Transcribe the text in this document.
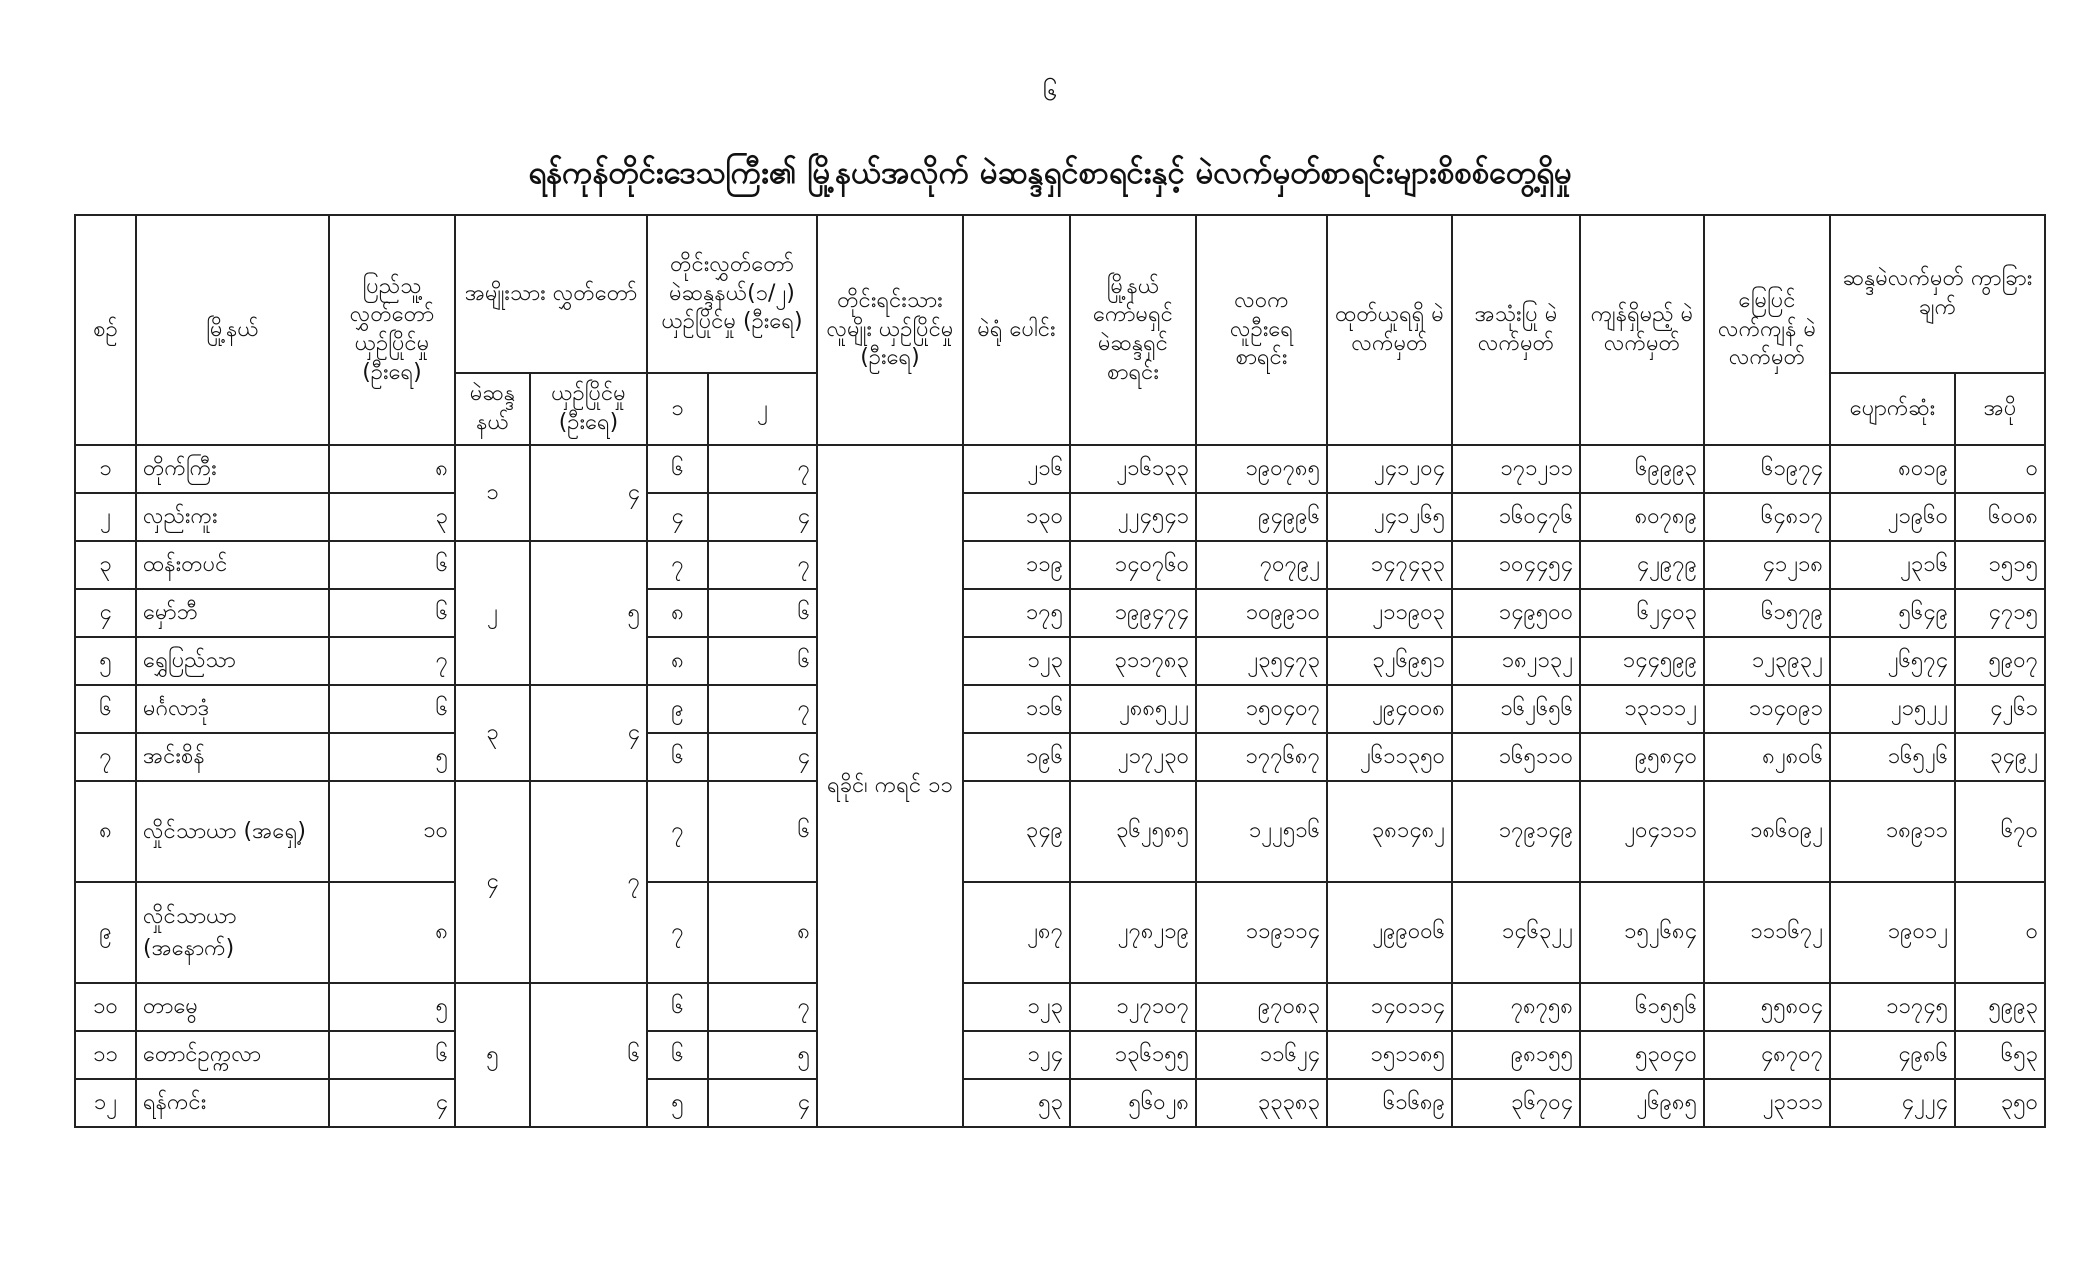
၆
ရန်ကုန်တိုင်းဒေသကြီး၏ မြို့နယ်အလိုက် မဲဆန္ဒရှင်စာရင်းနှင့် မဲလက်မှတ်စာရင်းများစိစစ်တွေ့ရှိမှု
စဉ်	မြို့နယ်	ပြည်သူ့ လွှတ်တော် ယှဉ်ပြိုင်မှု (ဦးရေ)	အမျိုးသား လွှတ်တော်		တိုင်းလွှတ်တော် မဲဆန္ဒနယ်(၁/၂) ယှဉ်ပြိုင်မှု (ဦးရေ)		တိုင်းရင်းသား လူမျိုး ယှဉ်ပြိုင်မှု (ဦးရေ)	မဲရုံ ပေါင်း	မြို့နယ် ကော်မရှင် မဲဆန္ဒရှင် စာရင်း	လဝက လူဦးရေ စာရင်း	ထုတ်ယူရရှိ မဲလက်မှတ်	အသုံးပြု မဲလက်မှတ်	ကျန်ရှိမည့် မဲလက်မှတ်	မြေပြင် လက်ကျန် မဲလက်မှတ်	ဆန္ဒမဲလက်မှတ် ကွာခြားချက်	
			မဲဆန္ဒ နယ်	ယှဉ်ပြိုင်မှု (ဦးရေ)	၁	၂									ပျောက်ဆုံး	အပို
၁	တိုက်ကြီး	၈	၁	၄	၆	၇	ရခိုင်၊ ကရင် ၁၁	၂၁၆	၂၁၆၁၃၃	၁၉၀၇၈၅	၂၄၁၂၀၄	၁၇၁၂၁၁	၆၉၉၉၃	၆၁၉၇၄	၈၀၁၉	၀
၂	လှည်းကူး	၃			၄	၄		၁၃၀	၂၂၄၅၄၁	၉၄၉၉၆	၂၄၁၂၆၅	၁၆၀၄၇၆	၈၀၇၈၉	၆၄၈၁၇	၂၁၉၆၀	၆၀၀၈
၃	ထန်းတပင်	၆	၂	၅	၇	၇		၁၁၉	၁၄၀၇၆၀	၇၀၇၉၂	၁၄၇၄၃၃	၁၀၄၄၅၄	၄၂၉၇၉	၄၁၂၁၈	၂၃၁၆	၁၅၁၅
၄	မှော်ဘီ	၆			၈	၆		၁၇၅	၁၉၉၄၇၄	၁၀၉၉၁၀	၂၁၁၉၀၃	၁၄၉၅၀၀	၆၂၄၀၃	၆၁၅၇၉	၅၆၄၉	၄၇၁၅
၅	ရွှေပြည်သာ	၇			၈	၆		၁၂၃	၃၁၁၇၈၃	၂၃၅၄၇၃	၃၂၆၉၅၁	၁၈၂၁၃၂	၁၄၄၅၉၉	၁၂၃၉၃၂	၂၆၅၇၄	၅၉၀၇
၆	မင်္ဂလာဒုံ	၆	၃	၄	၉	၇		၁၁၆	၂၈၈၅၂၂	၁၅၀၄၀၇	၂၉၄၀၀၈	၁၆၂၆၅၆	၁၃၁၁၁၂	၁၁၄၀၉၁	၂၁၅၂၂	၄၂၆၁
၇	အင်းစိန်	၅			၆	၄		၁၉၆	၂၁၇၂၃၀	၁၇၇၆၈၇	၂၆၁၁၃၅၀	၁၆၅၁၁၀	၉၅၈၄၀	၈၂၈၀၆	၁၆၅၂၆	၃၄၉၂
၈	လှိုင်သာယာ (အရှေ့)	၁၀	၄	၇	၇	၆		၃၄၉	၃၆၂၅၈၅	၁၂၂၅၁၆	၃၈၁၄၈၂	၁၇၉၁၄၉	၂၀၄၁၁၁	၁၈၆၀၉၂	၁၈၉၁၁	၆၇၀
၉	လှိုင်သာယာ (အနောက်)	၈			၇	၈		၂၈၇	၂၇၈၂၁၉	၁၁၉၁၁၄	၂၉၉၀၀၆	၁၄၆၃၂၂	၁၅၂၆၈၄	၁၁၁၆၇၂	၁၉၀၁၂	၀
၁၀	တာမွေ	၅	၅	၆	၆	၇		၁၂၃	၁၂၇၁၀၇	၉၇၀၈၃	၁၄၀၁၁၄	၇၈၇၅၈	၆၁၅၅၆	၅၅၈၀၄	၁၁၇၄၅	၅၉၉၃
၁၁	တောင်ဥက္ကလာ	၆			၆	၅		၁၂၄	၁၃၆၁၅၅	၁၁၆၂၄	၁၅၁၁၈၅	၉၈၁၅၅	၅၃၀၄၀	၄၈၇၀၇	၄၉၈၆	၆၅၃
၁၂	ရန်ကင်း	၄			၅	၄		၅၃	၅၆၀၂၈	၃၃၃၈၃	၆၁၆၈၉	၃၆၇၀၄	၂၆၉၈၅	၂၃၁၁၁	၄၂၂၄	၃၅၀
